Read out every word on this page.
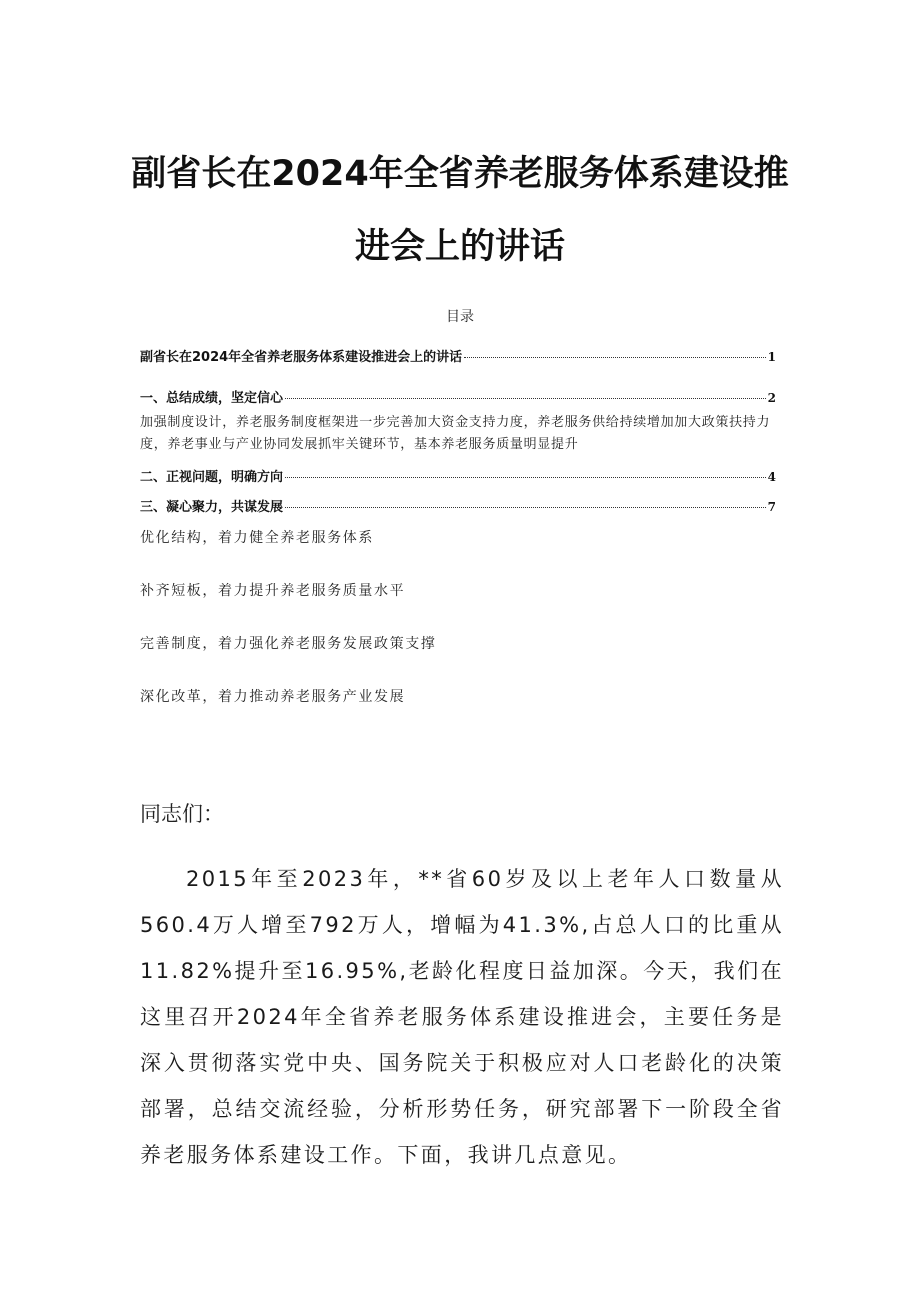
副省长在2024年全省养老服务体系建设推
进会上的讲话
目录
副省长在2024年全省养老服务体系建设推进会上的讲话	1
一、总结成绩，坚定信心	2
加强制度设计，养老服务制度框架进一步完善加大资金支持力度，养老服务供给持续增加加大政策扶持力度，养老事业与产业协同发展抓牢关键环节，基本养老服务质量明显提升
二、正视问题，明确方向	4
三、凝心聚力，共谋发展	7
优化结构，着力健全养老服务体系
补齐短板，着力提升养老服务质量水平
完善制度，着力强化养老服务发展政策支撑
深化改革，着力推动养老服务产业发展
同志们：
2015年至2023年，**省60岁及以上老年人口数量从560.4万人增至792万人，增幅为41.3%,占总人口的比重从11.82%提升至16.95%,老龄化程度日益加深。今天，我们在这里召开2024年全省养老服务体系建设推进会，主要任务是深入贯彻落实党中央、国务院关于积极应对人口老龄化的决策部署，总结交流经验，分析形势任务，研究部署下一阶段全省养老服务体系建设工作。下面，我讲几点意见。
